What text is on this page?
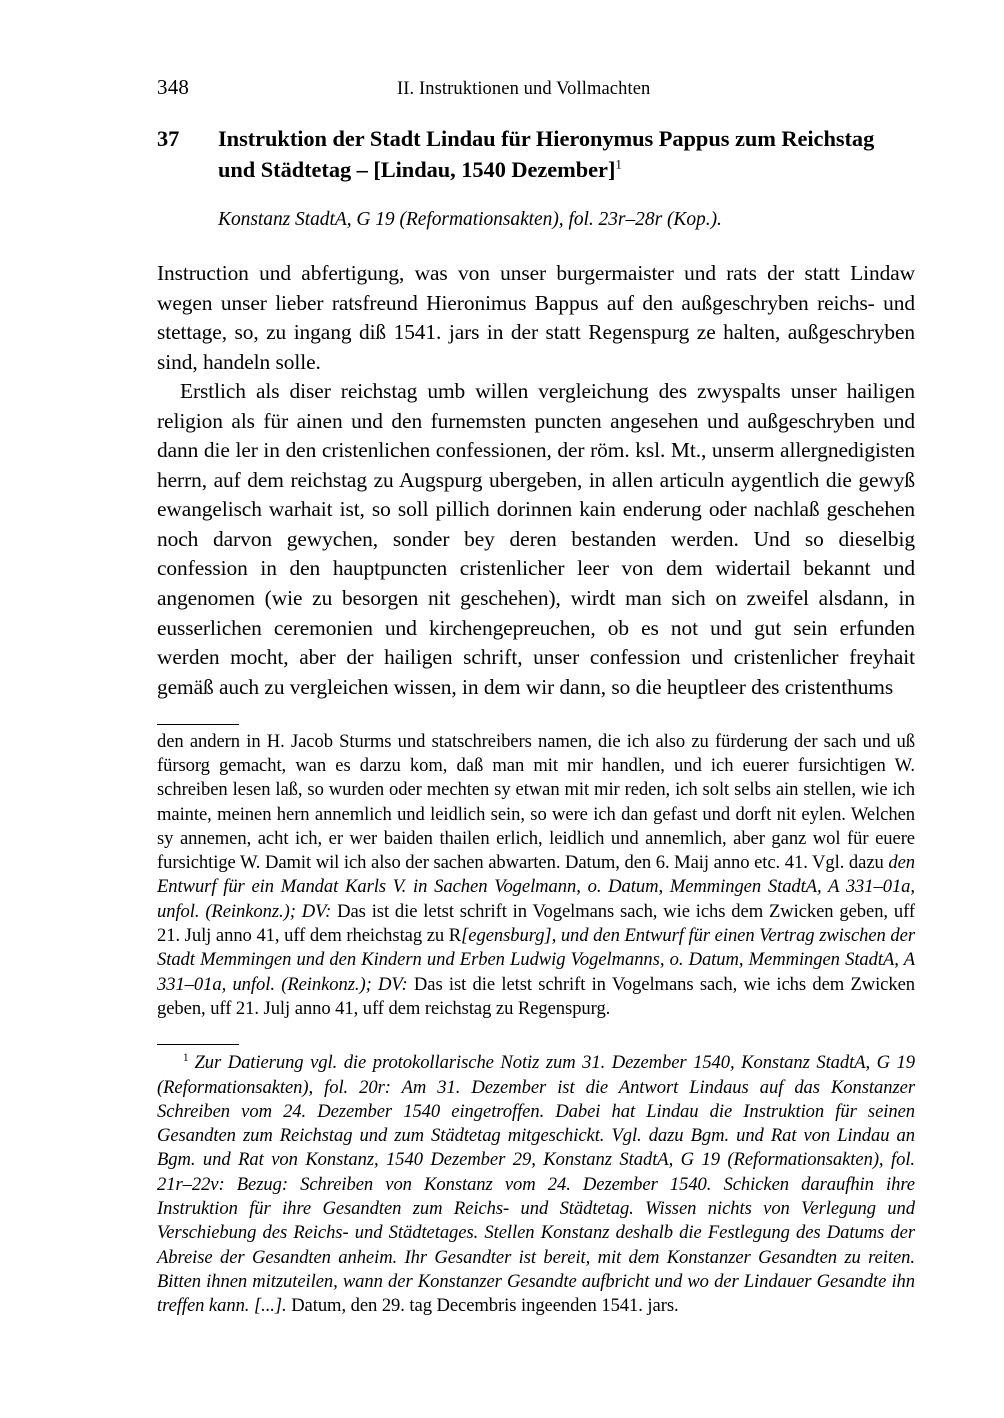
348	II. Instruktionen und Vollmachten
37 Instruktion der Stadt Lindau für Hieronymus Pappus zum Reichstag
und Städtetag – [Lindau, 1540 Dezember]$^1$
Konstanz StadtA, G 19 (Reformationsakten), fol. 23r–28r (Kop.).

Instruction und abfertigung, was von unser burgermaister und rats der statt Lindaw wegen unser lieber ratsfreund Hieronimus Bappus auf den außgeschryben reichs- und stettage, so, zu ingang diß 1541. jars in der statt Regenspurg ze halten, außgeschryben sind, handeln solle.

Erstlich als diser reichstag umb willen vergleichung des zwyspalts unser hailigen religion als für ainen und den furnemsten puncten angesehen und außgeschryben und dann die ler in den cristenlichen confessionen, der röm. ksl. Mt., unserm allergnedigisten herrn, auf dem reichstag zu Augspurg ubergeben, in allen articuln aygentlich die gewyß ewangelisch warhait ist, so soll pillich dorinnen kain enderung oder nachlaß geschehen noch darvon gewychen, sonder bey deren bestanden werden. Und so dieselbig confession in den hauptpuncten cristenlicher leer von dem widertail bekannt und angenomen (wie zu besorgen nit geschehen), wirdt man sich on zweifel alsdann, in eusserlichen ceremonien und kirchengepreuchen, ob es not und gut sein erfunden werden mocht, aber der hailigen schrift, unser confession und cristenlicher freyhait gemäß auch zu vergleichen wissen, in dem wir dann, so die heuptleer des cristenthums

den andern in H. Jacob Sturms und statschreibers namen, die ich also zu fürderung der sach und uß fürsorg gemacht, wan es darzu kom, daß man mit mir handlen, und ich euerer fursichtigen W. schreiben lesen laß, so wurden oder mechten sy etwan mit mir reden, ich solt selbs ain stellen, wie ich mainte, meinen hern annemlich und leidlich sein, so were ich dan gefast und dorft nit eylen. Welchen sy annemen, acht ich, er wer baiden thailen erlich, leidlich und annemlich, aber ganz wol für euere fursichtige W. Damit wil ich also der sachen abwarten. Datum, den 6. Maij anno etc. 41. Vgl. dazu den Entwurf für ein Mandat Karls V. in Sachen Vogelmann, o. Datum, Memmingen StadtA, A 331–01a, unfol. (Reinkonz.); DV: Das ist die letst schrift in Vogelmans sach, wie ichs dem Zwicken geben, uff 21. Julj anno 41, uff dem rheichstag zu R[egensburg], und den Entwurf für einen Vertrag zwischen der Stadt Memmingen und den Kindern und Erben Ludwig Vogelmanns, o. Datum, Memmingen StadtA, A 331–01a, unfol. (Reinkonz.); DV: Das ist die letst schrift in Vogelmans sach, wie ichs dem Zwicken geben, uff 21. Julj anno 41, uff dem reichstag zu Regenspurg.

$^1$ Zur Datierung vgl. die protokollarische Notiz zum 31. Dezember 1540, Konstanz StadtA, G 19 (Reformationsakten), fol. 20r: Am 31. Dezember ist die Antwort Lindaus auf das Konstanzer Schreiben vom 24. Dezember 1540 eingetroffen. Dabei hat Lindau die Instruktion für seinen Gesandten zum Reichstag und zum Städtetag mitgeschickt. Vgl. dazu Bgm. und Rat von Lindau an Bgm. und Rat von Konstanz, 1540 Dezember 29, Konstanz StadtA, G 19 (Reformationsakten), fol. 21r–22v: Bezug: Schreiben von Konstanz vom 24. Dezember 1540. Schicken daraufhin ihre Instruktion für ihre Gesandten zum Reichs- und Städtetag. Wissen nichts von Verlegung und Verschiebung des Reichs- und Städtetages. Stellen Konstanz deshalb die Festlegung des Datums der Abreise der Gesandten anheim. Ihr Gesandter ist bereit, mit dem Konstanzer Gesandten zu reiten. Bitten ihnen mitzuteilen, wann der Konstanzer Gesandte aufbricht und wo der Lindauer Gesandte ihn treffen kann. [...]. Datum, den 29. tag Decembris ingeenden 1541. jars.
